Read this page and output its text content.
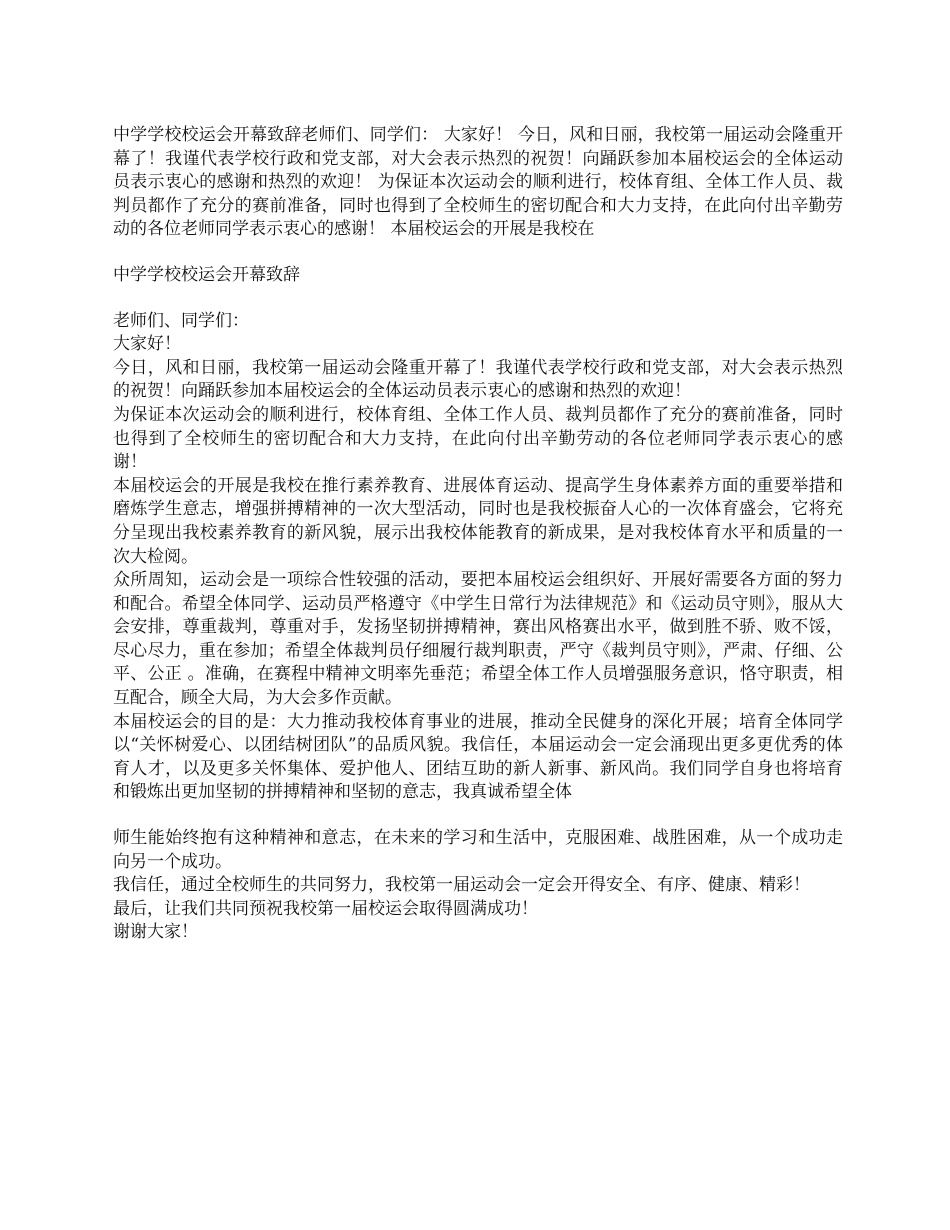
中学学校校运会开幕致辞老师们、同学们： 大家好！ 今日，风和日丽，我校第一届运动会隆重开幕了！我谨代表学校行政和党支部，对大会表示热烈的祝贺！向踊跃参加本届校运会的全体运动员表示衷心的感谢和热烈的欢迎！ 为保证本次运动会的顺利进行，校体育组、全体工作人员、裁判员都作了充分的赛前准备，同时也得到了全校师生的密切配合和大力支持，在此向付出辛勤劳动的各位老师同学表示衷心的感谢！ 本届校运会的开展是我校在

中学学校校运会开幕致辞

老师们、同学们：

大家好！

今日，风和日丽，我校第一届运动会隆重开幕了！我谨代表学校行政和党支部，对大会表示热烈的祝贺！向踊跃参加本届校运会的全体运动员表示衷心的感谢和热烈的欢迎！

为保证本次运动会的顺利进行，校体育组、全体工作人员、裁判员都作了充分的赛前准备，同时也得到了全校师生的密切配合和大力支持，在此向付出辛勤劳动的各位老师同学表示衷心的感谢！

本届校运会的开展是我校在推行素养教育、进展体育运动、提高学生身体素养方面的重要举措和磨炼学生意志，增强拼搏精神的一次大型活动，同时也是我校振奋人心的一次体育盛会，它将充分呈现出我校素养教育的新风貌，展示出我校体能教育的新成果，是对我校体育水平和质量的一次大检阅。

众所周知，运动会是一项综合性较强的活动，要把本届校运会组织好、开展好需要各方面的努力和配合。希望全体同学、运动员严格遵守《中学生日常行为法律规范》和《运动员守则》，服从大会安排，尊重裁判，尊重对手，发扬坚韧拼搏精神，赛出风格赛出水平，做到胜不骄、败不馁，尽心尽力，重在参加；希望全体裁判员仔细履行裁判职责，严守《裁判员守则》，严肃、仔细、公平、公正 。准确，在赛程中精神文明率先垂范；希望全体工作人员增强服务意识，恪守职责，相互配合，顾全大局，为大会多作贡献。

本届校运会的目的是：大力推动我校体育事业的进展，推动全民健身的深化开展；培育全体同学以“关怀树爱心、以团结树团队”的品质风貌。我信任，本届运动会一定会涌现出更多更优秀的体育人才，以及更多关怀集体、爱护他人、团结互助的新人新事、新风尚。我们同学自身也将培育和锻炼出更加坚韧的拼搏精神和坚韧的意志，我真诚希望全体

师生能始终抱有这种精神和意志，在未来的学习和生活中，克服困难、战胜困难，从一个成功走向另一个成功。

我信任，通过全校师生的共同努力，我校第一届运动会一定会开得安全、有序、健康、精彩！

最后，让我们共同预祝我校第一届校运会取得圆满成功！

谢谢大家！
